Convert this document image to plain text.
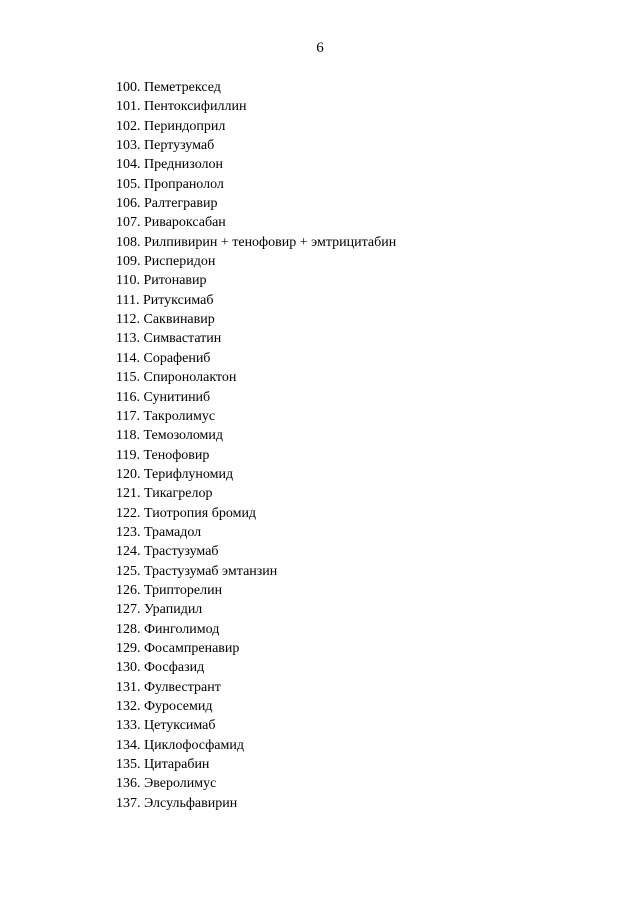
6
100. Пеметрексед
101. Пентоксифиллин
102. Периндоприл
103. Пертузумаб
104. Преднизолон
105. Пропранолол
106. Ралтегравир
107. Ривароксабан
108. Рилпивирин + тенофовир + эмтрицитабин
109. Рисперидон
110. Ритонавир
111. Ритуксимаб
112. Саквинавир
113. Симвастатин
114. Сорафениб
115. Спиронолактон
116. Сунитиниб
117. Такролимус
118. Темозоломид
119. Тенофовир
120. Терифлуномид
121. Тикагрелор
122. Тиотропия бромид
123. Трамадол
124. Трастузумаб
125. Трастузумаб эмтанзин
126. Трипторелин
127. Урапидил
128. Финголимод
129. Фосампренавир
130. Фосфазид
131. Фулвестрант
132. Фуросемид
133. Цетуксимаб
134. Циклофосфамид
135. Цитарабин
136. Эверолимус
137. Элсульфавирин
